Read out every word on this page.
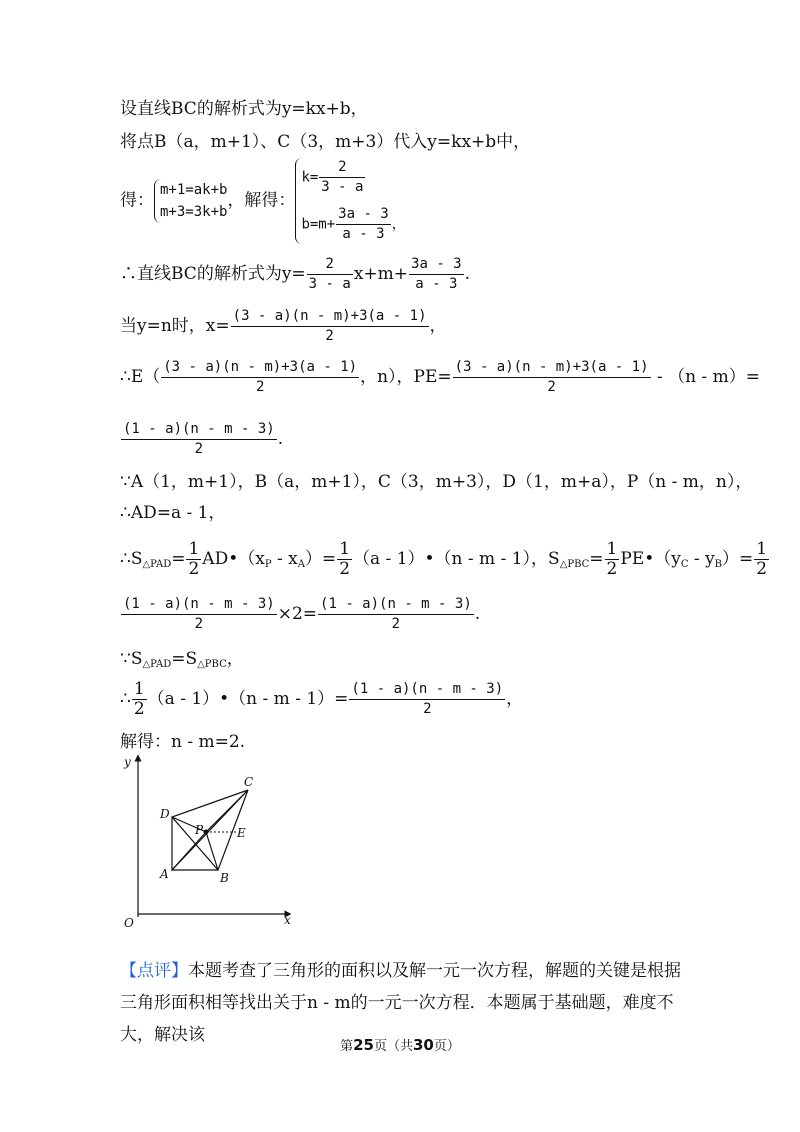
设直线BC的解析式为y=kx+b，
将点B（a，m+1）、C（3，m+3）代入y=kx+b中，
得：
m+1=ak+b
m+3=3k+b
，解得：
$k= \frac{2}{3 - a}$
$b=m+ \frac{3a - 3}{a - 3}$ ，
∴直线BC的解析式为$y= \frac{2}{3 - a} x+m+ \frac{3a - 3}{a - 3}$ .
当y=n时，$x= \frac{(3 - a)(n - m)+3(a - 1)}{2}$ ，
∴E（ $\frac{(3 - a)(n - m)+3(a - 1)}{2}$ ，n），$PE= \frac{(3 - a)(n - m)+3(a - 1)}{2} - (n - m)=$
$\frac{(1 - a)(n - m - 3)}{2}$ .
∵A（1，m+1），B（a，m+1），C（3，m+3），D（1，m+a），P（n - m，n），
∴AD=a - 1，
$\therefore S_{\triangle PAD}= \frac{1}{2}$ $AD•(x_P - x_A)= \frac{1}{2} (a$ - 1）•（n - m - 1），$S_{\triangle PBC}= \frac{1}{2}$ $PE•(y_C - y_B)= \frac{1}{2}$
$\frac{(1 - a)(n - m - 3)}{2} \times 2= \frac{(1 - a)(n - m - 3)}{2}$ .
$\because S_{\triangle PAD}=S_{\triangle PBC}$，
∴ $\frac{1}{2} (a$ - 1）•（n - $m - 1)= \frac{(1 - a)(n - m - 3)}{2}$ ，
解得：n - m=2.
y
x
O
C
D
P	E
A	B
【点评】本题考查了三角形的面积以及解一元一次方程，解题的关键是根据三角形面积相等找出关于n - m的一元一次方程．本题属于基础题，难度不大，解决该
第25页（共30页）
